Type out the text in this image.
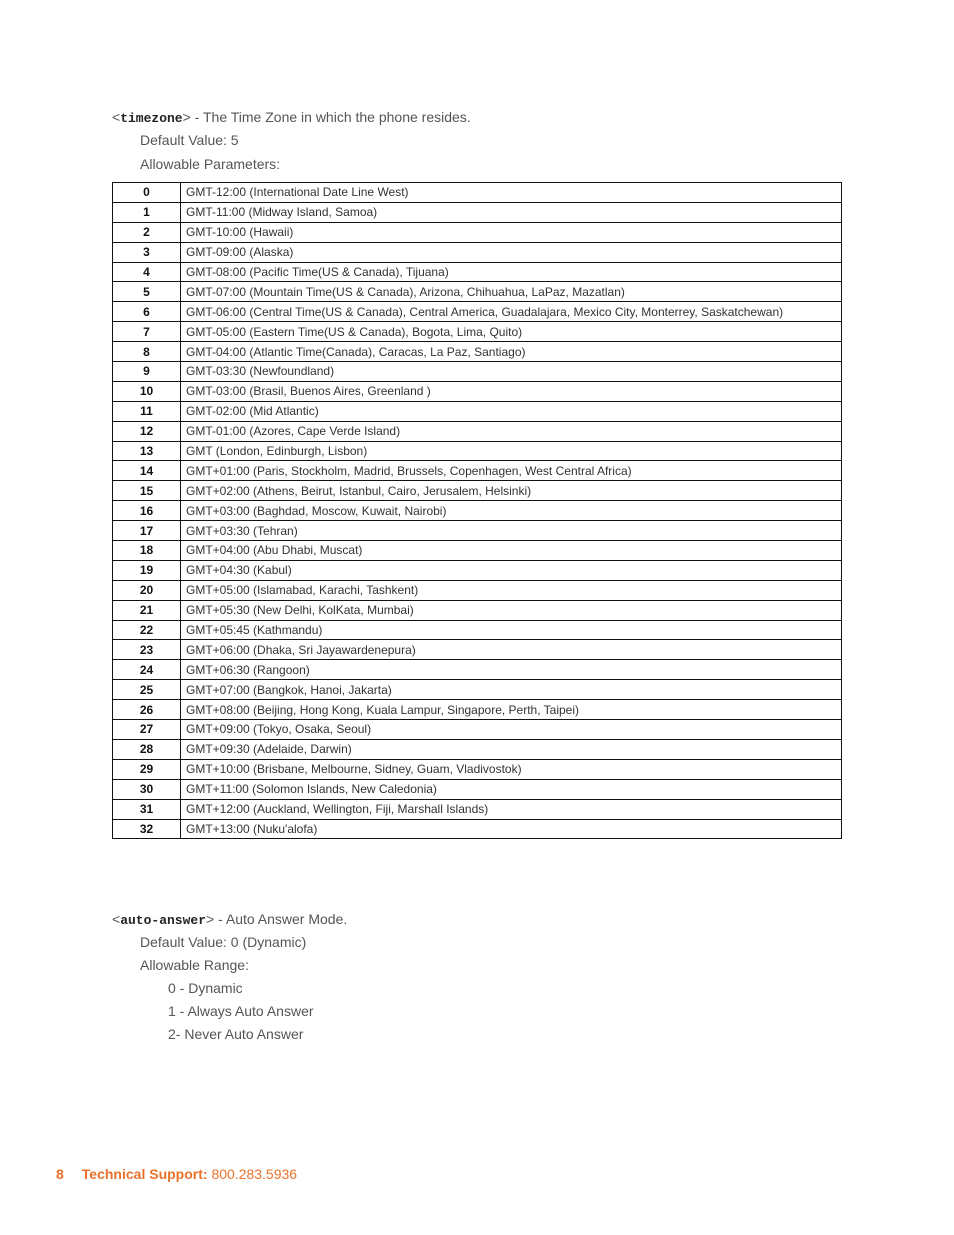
<timezone> - The Time Zone in which the phone resides.
Default Value: 5
Allowable Parameters:
0	GMT-12:00 (International Date Line West)
1	GMT-11:00 (Midway Island, Samoa)
2	GMT-10:00 (Hawaii)
3	GMT-09:00 (Alaska)
4	GMT-08:00 (Pacific Time(US & Canada), Tijuana)
5	GMT-07:00 (Mountain Time(US & Canada), Arizona, Chihuahua, LaPaz, Mazatlan)
6	GMT-06:00 (Central Time(US & Canada), Central America, Guadalajara, Mexico City, Monterrey, Saskatchewan)
7	GMT-05:00 (Eastern Time(US & Canada), Bogota, Lima, Quito)
8	GMT-04:00 (Atlantic Time(Canada), Caracas, La Paz, Santiago)
9	GMT-03:30 (Newfoundland)
10	GMT-03:00 (Brasil, Buenos Aires, Greenland )
11	GMT-02:00 (Mid Atlantic)
12	GMT-01:00 (Azores, Cape Verde Island)
13	GMT (London, Edinburgh, Lisbon)
14	GMT+01:00 (Paris, Stockholm, Madrid, Brussels, Copenhagen, West Central Africa)
15	GMT+02:00 (Athens, Beirut, Istanbul, Cairo, Jerusalem, Helsinki)
16	GMT+03:00 (Baghdad, Moscow, Kuwait, Nairobi)
17	GMT+03:30 (Tehran)
18	GMT+04:00 (Abu Dhabi, Muscat)
19	GMT+04:30 (Kabul)
20	GMT+05:00 (Islamabad, Karachi, Tashkent)
21	GMT+05:30 (New Delhi, KolKata, Mumbai)
22	GMT+05:45 (Kathmandu)
23	GMT+06:00 (Dhaka, Sri Jayawardenepura)
24	GMT+06:30 (Rangoon)
25	GMT+07:00 (Bangkok, Hanoi, Jakarta)
26	GMT+08:00 (Beijing, Hong Kong, Kuala Lampur, Singapore, Perth, Taipei)
27	GMT+09:00 (Tokyo, Osaka, Seoul)
28	GMT+09:30 (Adelaide, Darwin)
29	GMT+10:00 (Brisbane, Melbourne, Sidney, Guam, Vladivostok)
30	GMT+11:00 (Solomon Islands, New Caledonia)
31	GMT+12:00 (Auckland, Wellington, Fiji, Marshall Islands)
32	GMT+13:00 (Nuku'alofa)
<auto-answer> - Auto Answer Mode.
Default Value: 0 (Dynamic)
Allowable Range:
0 - Dynamic
1 - Always Auto Answer
2- Never Auto Answer
8 Technical Support: 800.283.5936
